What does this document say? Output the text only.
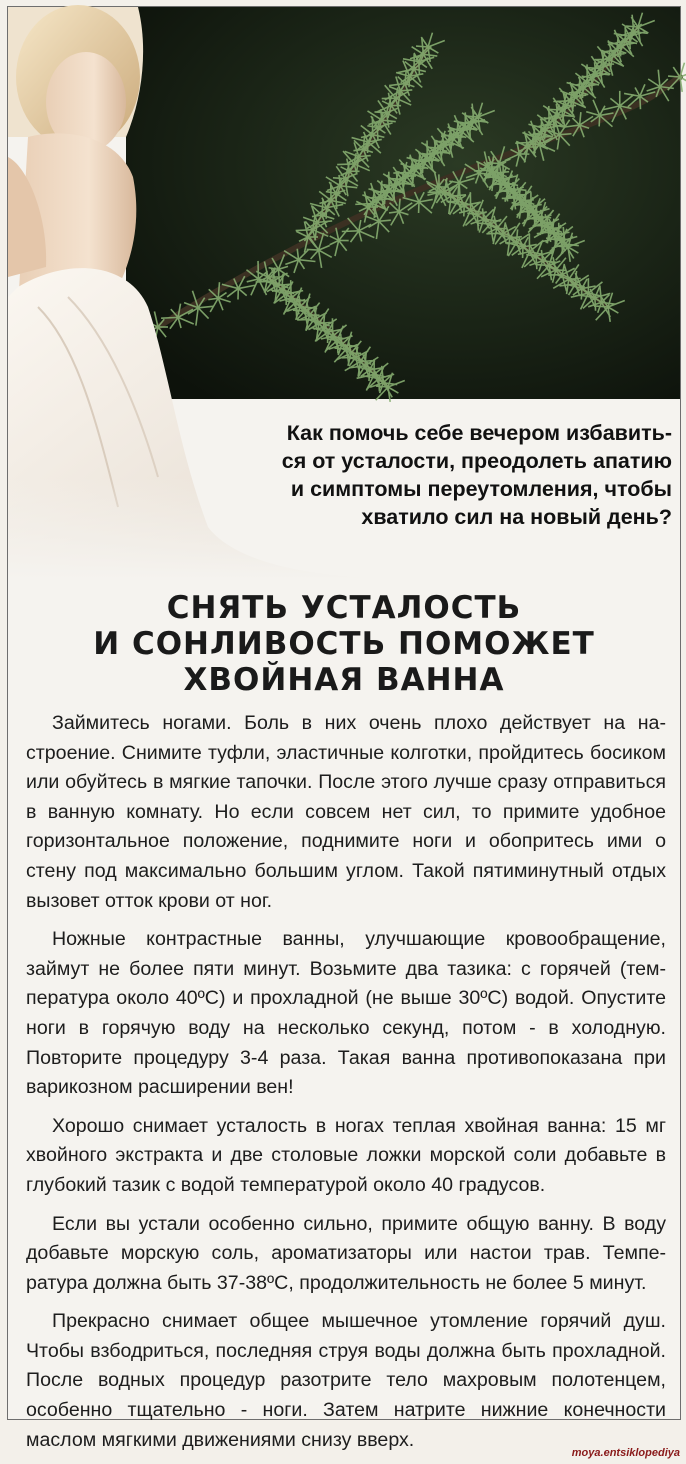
Как помочь себе вечером избавить-
ся от усталости, преодолеть апатию
и симптомы переутомления, чтобы
хватило сил на новый день?
СНЯТЬ УСТАЛОСТЬ
И СОНЛИВОСТЬ ПОМОЖЕТ
ХВОЙНАЯ ВАННА

Займитесь ногами. Боль в них очень плохо действует на настроение. Снимите туфли, эластичные колготки, пройдитесь босиком или обуйтесь в мягкие тапочки. После этого лучше сразу отправиться в ванную комнату. Но если совсем нет сил, то примите удобное горизонтальное положение, поднимите ноги и обопритесь ими о стену под максимально большим углом. Такой пятиминутный отдых вызовет отток крови от ног.

Ножные контрастные ванны, улучшающие кровообращение, займут не более пяти минут. Возьмите два тазика: с горячей (температура около 40ºС) и прохладной (не выше 30ºС) водой. Опустите ноги в горячую воду на несколько секунд, потом - в холодную. Повторите процедуру 3-4 раза. Такая ванна противопоказана при варикозном расширении вен!

Хорошо снимает усталость в ногах теплая хвойная ванна: 15 мг хвойного экстракта и две столовые ложки морской соли добавьте в глубокий тазик с водой температурой около 40 градусов.

Если вы устали особенно сильно, примите общую ванну. В воду добавьте морскую соль, ароматизаторы или настои трав. Температура должна быть 37-38ºС, продолжительность не более 5 минут.

Прекрасно снимает общее мышечное утомление горячий душ. Чтобы взбодриться, последняя струя воды должна быть прохладной. После водных процедур разотрите тело махровым полотенцем, особенно тщательно - ноги. Затем натрите нижние конечности маслом мягкими движениями снизу вверх.

moya.entsiklopediya
